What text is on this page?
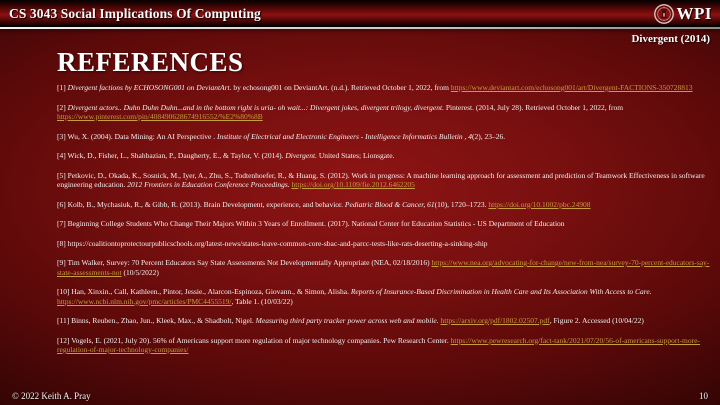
CS 3043 Social Implications Of Computing	WPI
Divergent (2014)
REFERENCES

[1] Divergent factions by ECHOSONG001 on DeviantArt. by echosong001 on DeviantArt. (n.d.). Retrieved October 1, 2022, from https://www.deviantart.com/echosong001/art/Divergent-FACTIONS-350728813

[2] Divergent actors.. Duhn Duhn Duhn...and in the bottom right is uria- oh wait...: Divergent jokes, divergent trilogy, divergent. Pinterest. (2014, July 28). Retrieved October 1, 2022, from https://www.pinterest.com/pin/408490628674916552/%E2%80%8B

[3] Wu, X. (2004). Data Mining: An AI Perspective . Institute of Electrical and Electronic Engineers - Intelligence Informatics Bulletin , 4(2), 23–26.

[4] Wick, D., Fisher, L., Shahbazian, P., Daugherty, E., & Taylor, V. (2014). Divergent. United States; Lionsgate.

[5] Petkovic, D., Okada, K., Sosnick, M., Iyer, A., Zhu, S., Todtenhoefer, R., & Huang, S. (2012). Work in progress: A machine learning approach for assessment and prediction of Teamwork Effectiveness in software engineering education. 2012 Frontiers in Education Conference Proceedings. https://doi.org/10.1109/fie.2012.6462205

[6] Kolb, B., Mychasiuk, R., & Gibb, R. (2013). Brain Development, experience, and behavior. Pediatric Blood & Cancer, 61(10), 1720–1723. https://doi.org/10.1002/pbc.24908

[7] Beginning College Students Who Change Their Majors Within 3 Years of Enrollment. (2017). National Center for Education Statistics - US Department of Education

[8] https://coalitiontoprotectourpublicschools.org/latest-news/states-leave-common-core-sbac-and-parcc-tests-like-rats-deserting-a-sinking-ship

[9] Tim Walker, Survey: 70 Percent Educators Say State Assessments Not Developmentally Appropriate (NEA, 02/18/2016) https://www.nea.org/advocating-for-change/new-from-nea/survey-70-percent-educators-say-state-assessments-not (10/5/2022)

[10] Han, Xinxin., Call, Kathleen., Pintor, Jessie., Alarcon-Espinoza, Giovann., & Simon, Alisha. Reports of Insurance-Based Discrimination in Health Care and Its Association With Access to Care. https://www.ncbi.nlm.nih.gov/pmc/articles/PMC4455519/, Table 1. (10/03/22)

[11] Binns, Reuben., Zhao, Jun., Kleek, Max., & Shadbolt, Nigel. Measuring third party tracker power across web and mobile. https://arxiv.org/pdf/1802.02507.pdf, Figure 2. Accessed (10/04/22)

[12] Vogels, E. (2021, July 20). 56% of Americans support more regulation of major technology companies. Pew Research Center. https://www.pewresearch.org/fact-tank/2021/07/20/56-of-americans-support-more-regulation-of-major-technology-companies/

© 2022 Keith A. Pray	10
